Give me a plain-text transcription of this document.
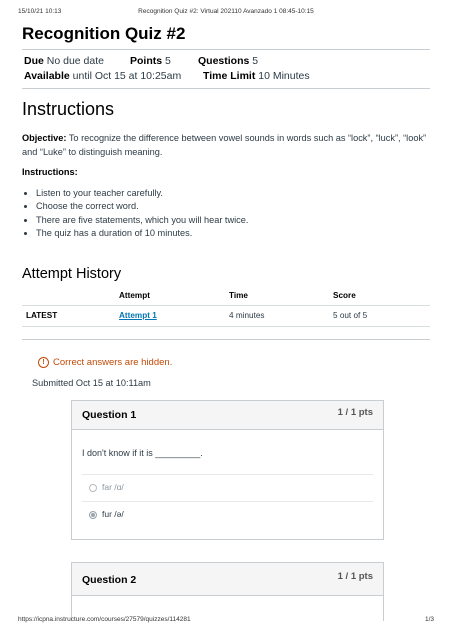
15/10/21 10:13	Recognition Quiz #2: Virtual 202110 Avanzado 1 08:45-10:15
Recognition Quiz #2
Due No due date Points 5	Questions 5
Available until Oct 15 at 10:25am Time Limit 10 Minutes
Instructions

Objective: To recognize the difference between vowel sounds in words such as “lock”, “luck”, “look” and “Luke” to distinguish meaning.

Instructions:

• Listen to your teacher carefully.
• Choose the correct word.
• There are five statements, which you will hear twice.
• The quiz has a duration of 10 minutes.
Attempt History
	Attempt	Time	Score
LATEST	Attempt 1	4 minutes	5 out of 5
! Correct answers are hidden.
Submitted Oct 15 at 10:11am
Question 1	1 / 1 pts
I don't know if it is _________.
far /ɑ/
fur /ə/
Question 2	1 / 1 pts
https://icpna.instructure.com/courses/27579/quizzes/114281	1/3
